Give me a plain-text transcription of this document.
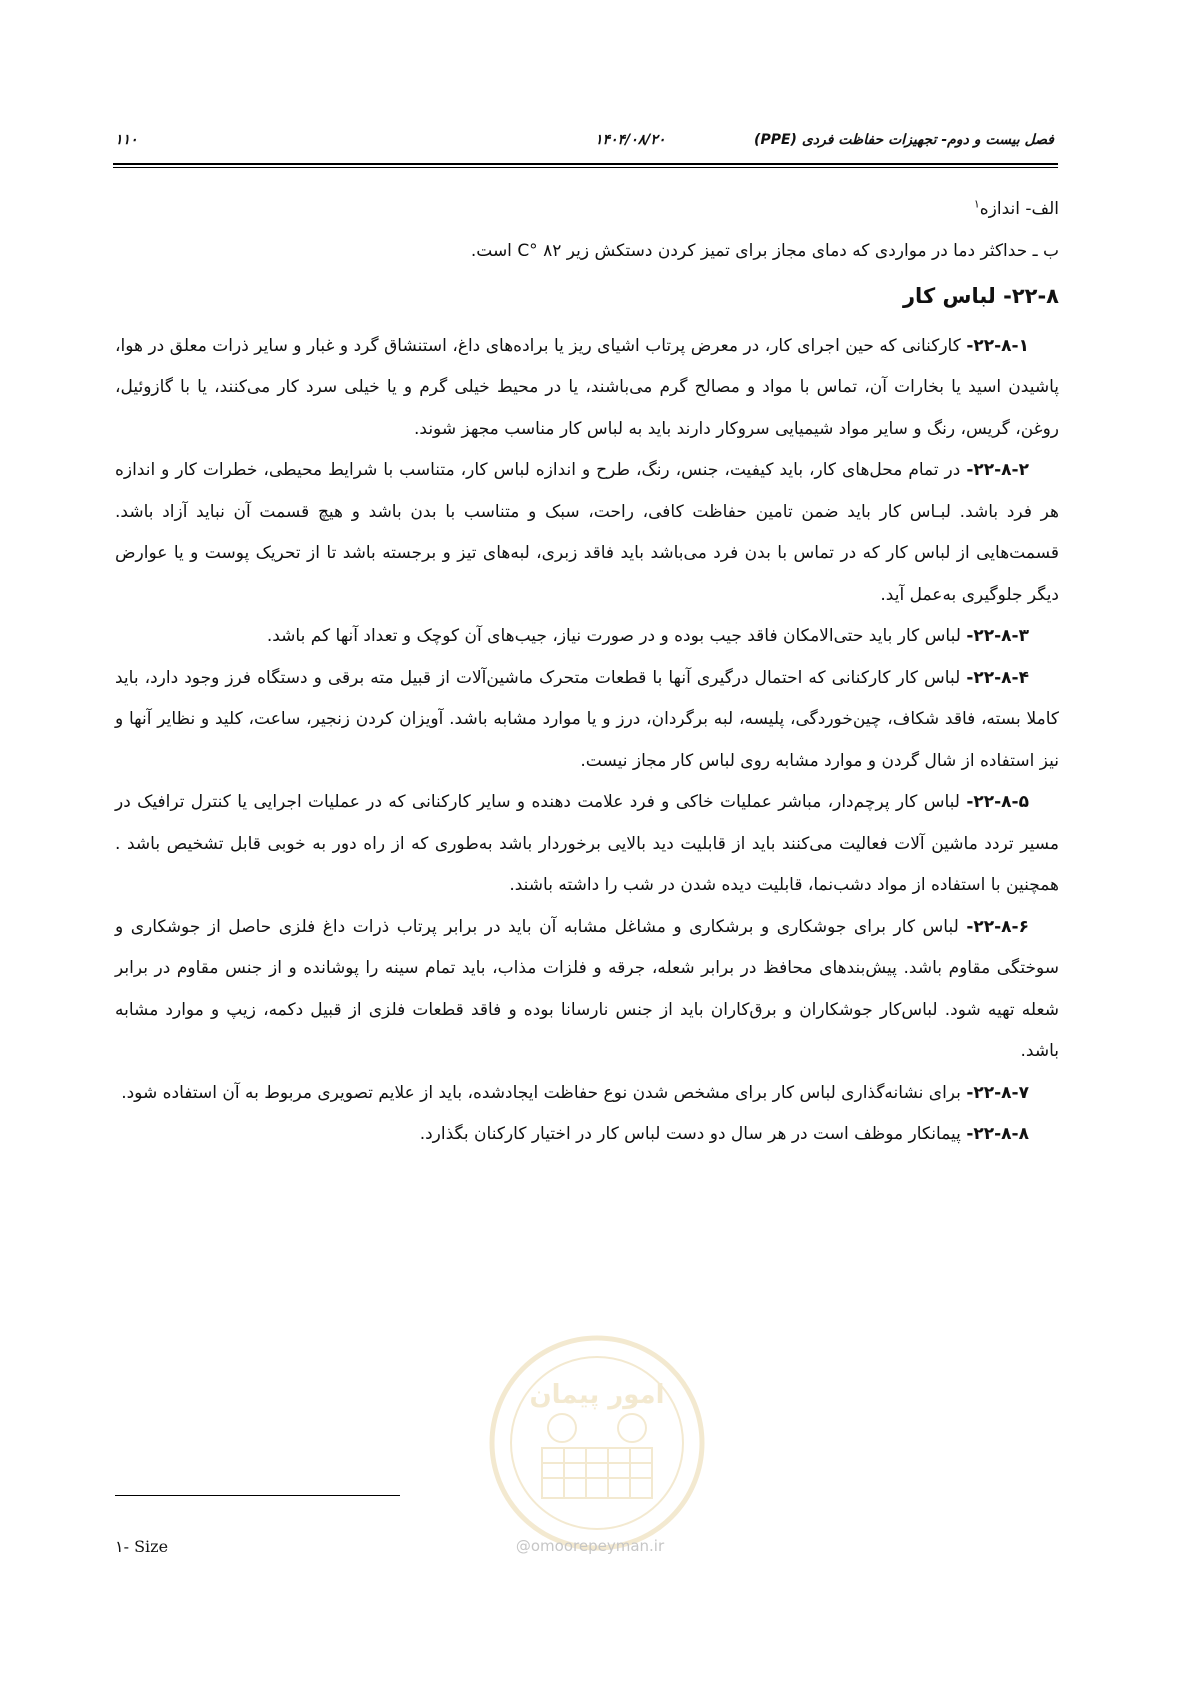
فصل بیست و دوم- تجهیزات حفاظت فردی (PPE)
۱۴۰۴/۰۸/۲۰
۱۱۰

الف- اندازه$^۱$

ب ـ حداکثر دما در مواردی که دمای مجاز برای تمیز کردن دستکش زیر C° ۸۲ است.

۲۲-۸- لباس کار

۲۲-۸-۱- کارکنانی که حین اجرای کار، در معرض پرتاب اشیای ریز یا براده‌های داغ، استنشاق گرد و غبار و سایر ذرات معلق در هوا، پاشیدن اسید یا بخارات آن، تماس با مواد و مصالح گرم می‌باشند، یا در محیط خیلی گرم و یا خیلی سرد کار می‌کنند، یا با گازوئیل، روغن، گریس، رنگ و سایر مواد شیمیایی سروکار دارند باید به لباس کار مناسب مجهز شوند.

۲۲-۸-۲- در تمام محل‌های کار، باید کیفیت، جنس، رنگ، طرح و اندازه لباس کار، متناسب با شرایط محیطی، خطرات کار و اندازه هر فرد باشد. لبـاس کار باید ضمن تامین حفاظت کافی، راحت، سبک و متناسب با بدن باشد و هیچ قسمت آن نباید آزاد باشد. قسمت‌هایی از لباس کار که در تماس با بدن فرد می‌باشد باید فاقد زبری، لبه‌های تیز و برجسته باشد تا از تحریک پوست و یا عوارض دیگر جلوگیری به‌عمل آید.

۲۲-۸-۳- لباس کار باید حتی‌الامکان فاقد جیب بوده و در صورت نیاز، جیب‌های آن کوچک و تعداد آنها کم باشد.

۲۲-۸-۴- لباس کار کارکنانی که احتمال درگیری آنها با قطعات متحرک ماشین‌آلات از قبیل مته برقی و دستگاه فرز وجود دارد، باید کاملا بسته، فاقد شکاف، چین‌خوردگی، پلیسه، لبه برگردان، درز و یا موارد مشابه باشد. آویزان کردن زنجیر، ساعت، کلید و نظایر آنها و نیز استفاده از شال گردن و موارد مشابه روی لباس کار مجاز نیست.

۲۲-۸-۵- لباس کار پرچم‌دار، مباشر عملیات خاکی و فرد علامت دهنده و سایر کارکنانی که در عملیات اجرایی یا کنترل ترافیک در مسیر تردد ماشین آلات فعالیت می‌کنند باید از قابلیت دید بالایی برخوردار باشد به‌طوری که از راه دور به خوبی قابل تشخیص باشد . همچنین با استفاده از مواد دشب‌نما، قابلیت دیده شدن در شب را داشته باشند.

۲۲-۸-۶- لباس کار برای جوشکاری و برشکاری و مشاغل مشابه آن باید در برابر پرتاب ذرات داغ فلزی حاصل از جوشکاری و سوختگی مقاوم باشد. پیش‌بندهای محافظ در برابر شعله، جرقه و فلزات مذاب، باید تمام سینه را پوشانده و از جنس مقاوم در برابر شعله تهیه شود. لباس‌کار جوشکاران و برق‌کاران باید از جنس نارسانا بوده و فاقد قطعات فلزی از قبیل دکمه، زیپ و موارد مشابه باشد.

۲۲-۸-۷- برای نشانه‌گذاری لباس کار برای مشخص شدن نوع حفاظت ایجادشده، باید از علایم تصویری مربوط به آن استفاده شود.

۲۲-۸-۸- پیمانکار موظف است در هر سال دو دست لباس کار در اختیار کارکنان بگذارد.

امور پیمان
@omoorepeyman.ir
۱- Size
